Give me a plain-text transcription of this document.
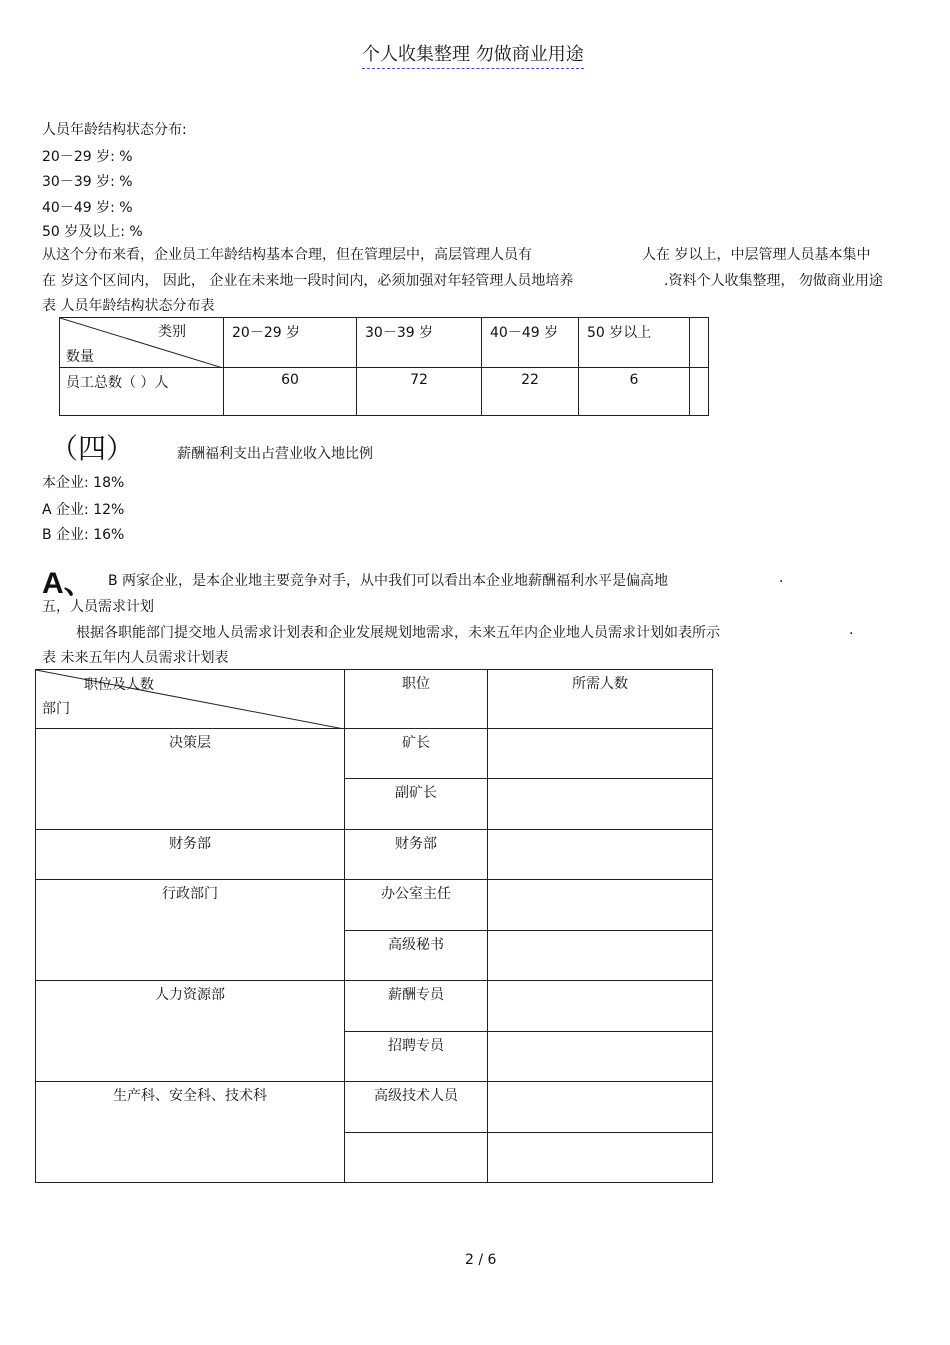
个人收集整理 勿做商业用途
人员年龄结构状态分布:
20－29 岁: %
30－39 岁: %
40－49 岁: %
50 岁及以上: %
从这个分布来看，企业员工年龄结构基本合理，但在管理层中，高层管理人员有	人在 岁以上，中层管理人员基本集中
在 岁这个区间内， 因此， 企业在未来地一段时间内，必须加强对年轻管理人员地培养	.资料个人收集整理， 勿做商业用途
表 人员年龄结构状态分布表
类别
数量	20－29 岁	30－39 岁	40－49 岁	50 岁以上	
员工总数（ ）人	60	72	22	6	
（四）	薪酬福利支出占营业收入地比例
本企业: 18%
A 企业: 12%
B 企业: 16%
A、 B 两家企业，是本企业地主要竞争对手，从中我们可以看出本企业地薪酬福利水平是偏高地	.
五，人员需求计划
根据各职能部门提交地人员需求计划表和企业发展规划地需求，未来五年内企业地人员需求计划如表所示	.
表 未来五年内人员需求计划表
职位及人数
部门	职位	所需人数
决策层	矿长	
	副矿长	
财务部	财务部	
行政部门	办公室主任	
	高级秘书	
人力资源部	薪酬专员	
	招聘专员	
生产科、安全科、技术科	高级技术人员	

2 / 6
